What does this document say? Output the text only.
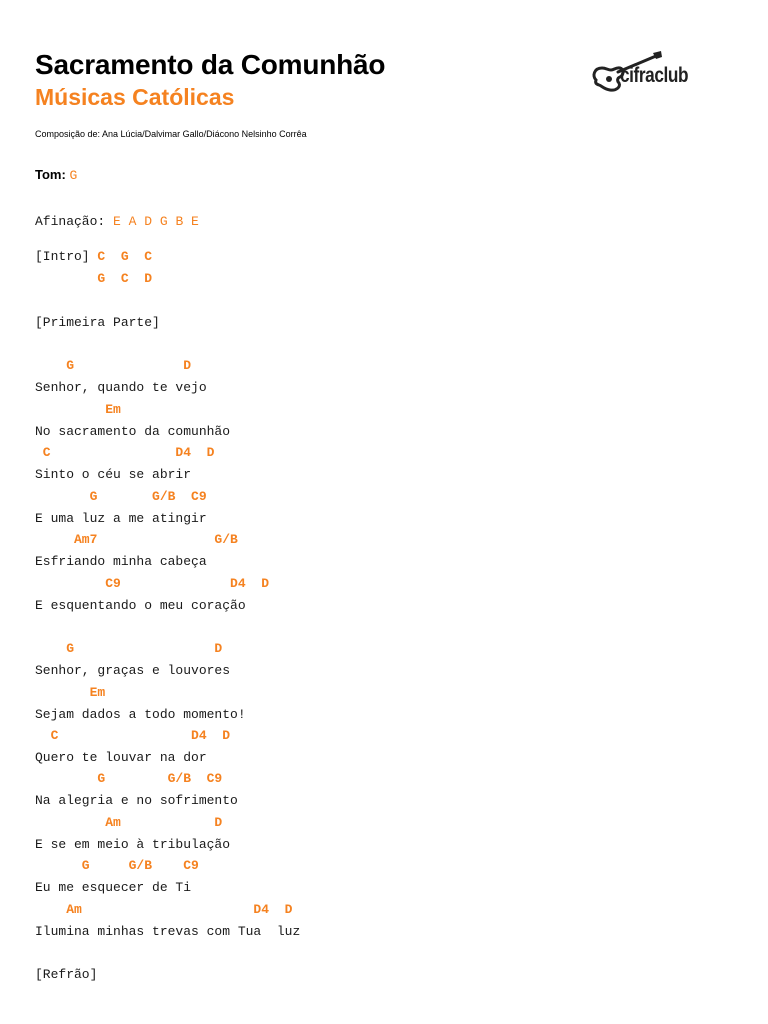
Sacramento da Comunhão
Músicas Católicas
cifraclub
Composição de: Ana Lúcia/Dalvimar Gallo/Diácono Nelsinho Corrêa
Tom: G
Afinação: E A D G B E
[Intro] C  G  C
G  C  D
[Primeira Parte]
G              D
Senhor, quando te vejo
Em
No sacramento da comunhão
C                D4  D
Sinto o céu se abrir
G       G/B  C9
E uma luz a me atingir
Am7               G/B
Esfriando minha cabeça
C9              D4  D
E esquentando o meu coração
G                  D
Senhor, graças e louvores
Em
Sejam dados a todo momento!
C                 D4  D
Quero te louvar na dor
G        G/B  C9
Na alegria e no sofrimento
Am            D
E se em meio à tribulação
G     G/B    C9
Eu me esquecer de Ti
Am                      D4  D
Ilumina minhas trevas com Tua  luz
[Refrão]
